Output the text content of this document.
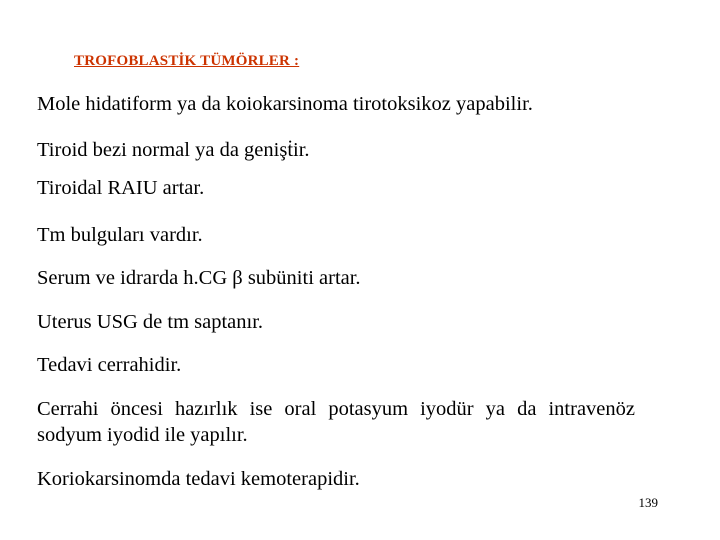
TROFOBLASTİK TÜMÖRLER :
Mole hidatiform ya da koiokarsinoma tirotoksikoz yapabilir.
Tiroid bezi normal ya da genişṫir.
Tiroidal RAIU artar.
Tm bulguları vardır.
Serum ve idrarda h.CG β subüniti artar.
Uterus USG de tm saptanır.
Tedavi cerrahidir.
Cerrahi öncesi hazırlık ise oral potasyum iyodür ya da intravenöz sodyum iyodid ile yapılır.
Koriokarsinomda tedavi kemoterapidir.
139
